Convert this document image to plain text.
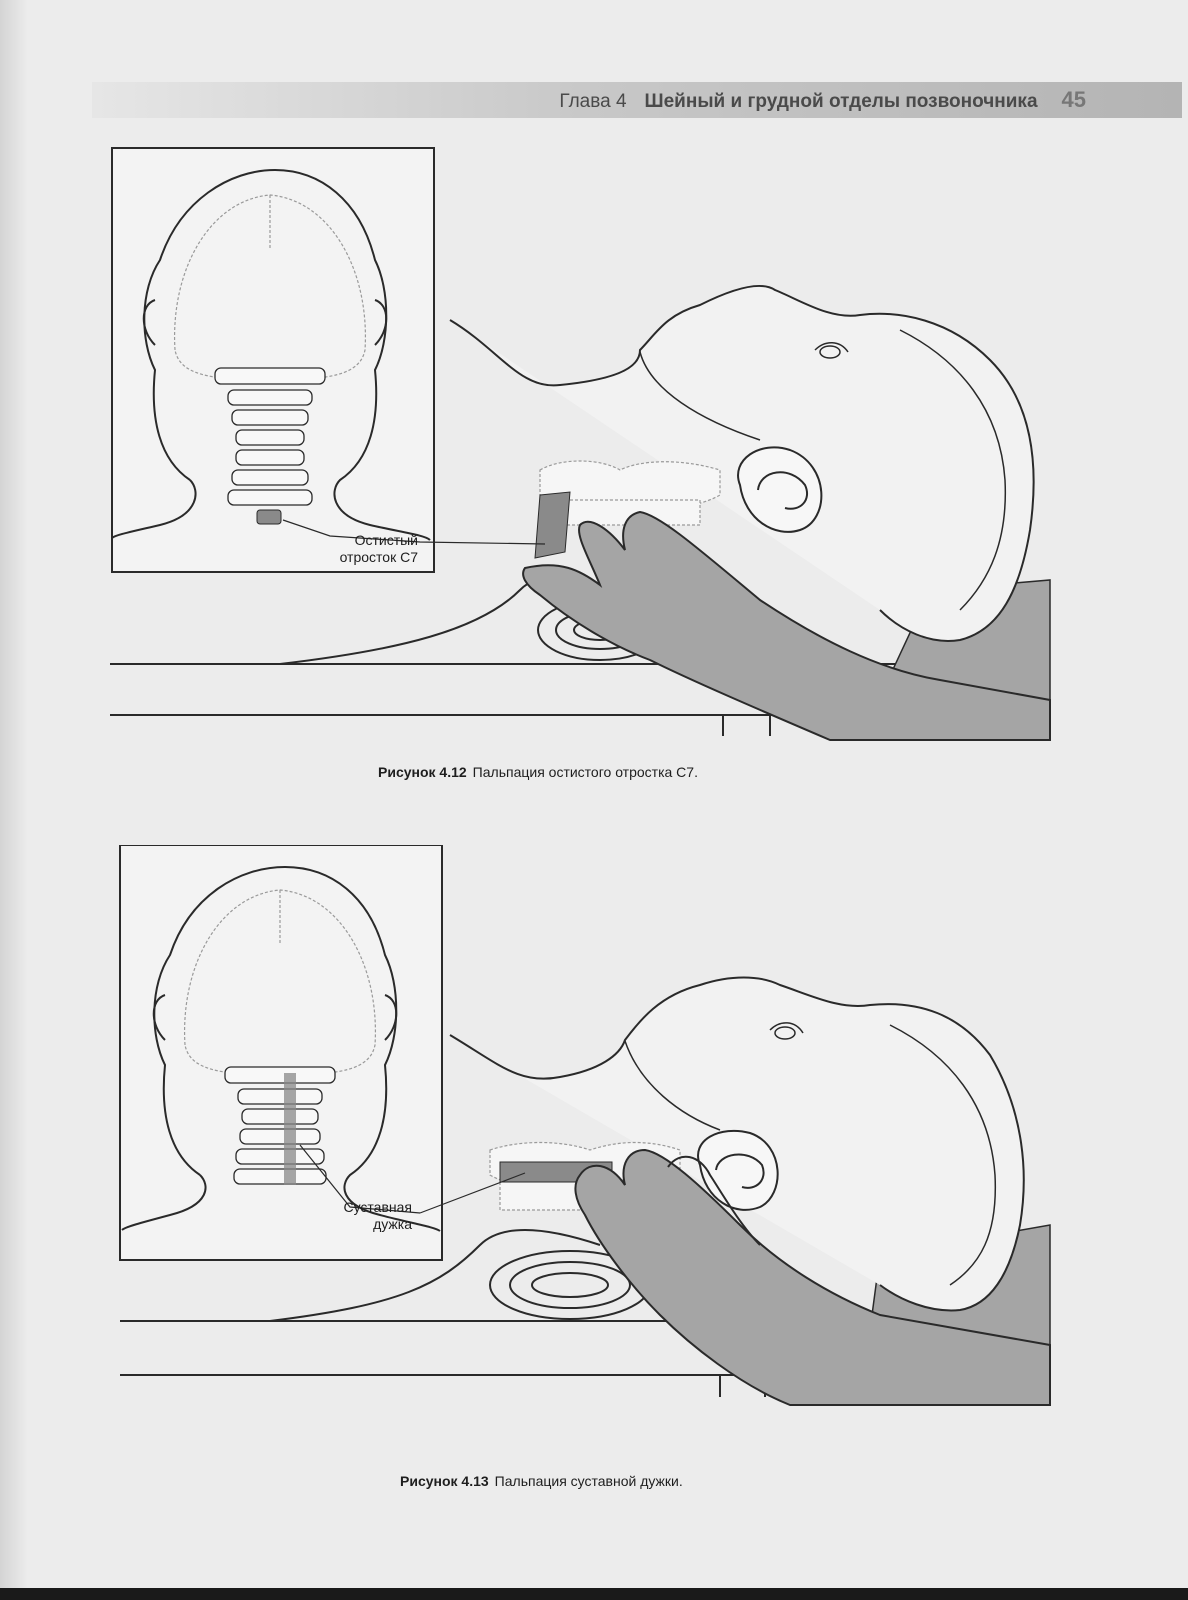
Глава 4 Шейный и грудной отделы позвоночника 45
Остистый
отросток С7
Рисунок 4.12 Пальпация остистого отростка С7.
Суставная
дужка
Рисунок 4.13 Пальпация суставной дужки.
